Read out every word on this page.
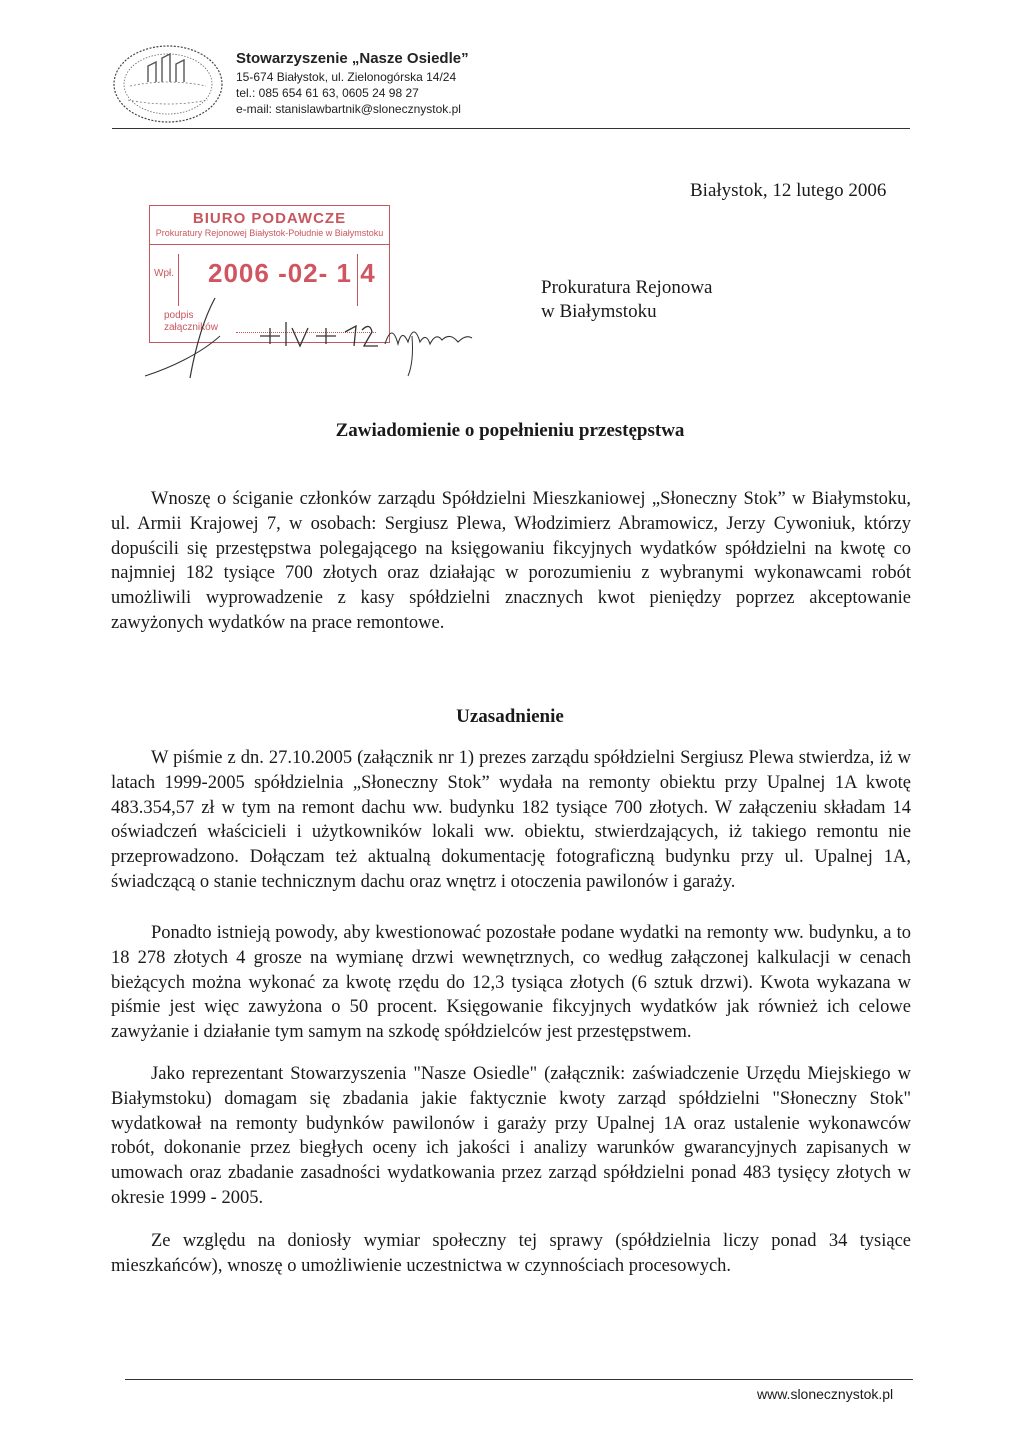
Stowarzyszenie „Nasze Osiedle”
15-674 Białystok, ul. Zielonogórska 14/24
tel.: 085 654 61 63, 0605 24 98 27
e-mail: stanislawbartnik@slonecznystok.pl
Białystok, 12 lutego 2006
BIURO PODAWCZE
Prokuratury Rejonowej Białystok-Południe w Białymstoku
Wpł. 2006 -02- 1 4
podpis
załączników
Prokuratura Rejonowa
w Białymstoku
Zawiadomienie o popełnieniu przestępstwa

Wnoszę o ściganie członków zarządu Spółdzielni Mieszkaniowej „Słoneczny Stok” w Białymstoku, ul. Armii Krajowej 7, w osobach: Sergiusz Plewa, Włodzimierz Abramowicz, Jerzy Cywoniuk, którzy dopuścili się przestępstwa polegającego na księgowaniu fikcyjnych wydatków spółdzielni na kwotę co najmniej 182 tysiące 700 złotych oraz działając w porozumieniu z wybranymi wykonawcami robót umożliwili wyprowadzenie z kasy spółdzielni znacznych kwot pieniędzy poprzez akceptowanie zawyżonych wydatków na prace remontowe.

Uzasadnienie

W piśmie z dn. 27.10.2005 (załącznik nr 1) prezes zarządu spółdzielni Sergiusz Plewa stwierdza, iż w latach 1999-2005 spółdzielnia „Słoneczny Stok” wydała na remonty obiektu przy Upalnej 1A kwotę 483.354,57 zł w tym na remont dachu ww. budynku 182 tysiące 700 złotych. W załączeniu składam 14 oświadczeń właścicieli i użytkowników lokali ww. obiektu, stwierdzających, iż takiego remontu nie przeprowadzono. Dołączam też aktualną dokumentację fotograficzną budynku przy ul. Upalnej 1A, świadczącą o stanie technicznym dachu oraz wnętrz i otoczenia pawilonów i garaży.

Ponadto istnieją powody, aby kwestionować pozostałe podane wydatki na remonty ww. budynku, a to 18 278 złotych 4 grosze na wymianę drzwi wewnętrznych, co według załączonej kalkulacji w cenach bieżących można wykonać za kwotę rzędu do 12,3 tysiąca złotych (6 sztuk drzwi). Kwota wykazana w piśmie jest więc zawyżona o 50 procent. Księgowanie fikcyjnych wydatków jak również ich celowe zawyżanie i działanie tym samym na szkodę spółdzielców jest przestępstwem.

Jako reprezentant Stowarzyszenia "Nasze Osiedle" (załącznik: zaświadczenie Urzędu Miejskiego w Białymstoku) domagam się zbadania jakie faktycznie kwoty zarząd spółdzielni "Słoneczny Stok" wydatkował na remonty budynków pawilonów i garaży przy Upalnej 1A oraz ustalenie wykonawców robót, dokonanie przez biegłych oceny ich jakości i analizy warunków gwarancyjnych zapisanych w umowach oraz zbadanie zasadności wydatkowania przez zarząd spółdzielni ponad 483 tysięcy złotych w okresie 1999 - 2005.

Ze względu na doniosły wymiar społeczny tej sprawy (spółdzielnia liczy ponad 34 tysiące mieszkańców), wnoszę o umożliwienie uczestnictwa w czynnościach procesowych.

www.slonecznystok.pl
